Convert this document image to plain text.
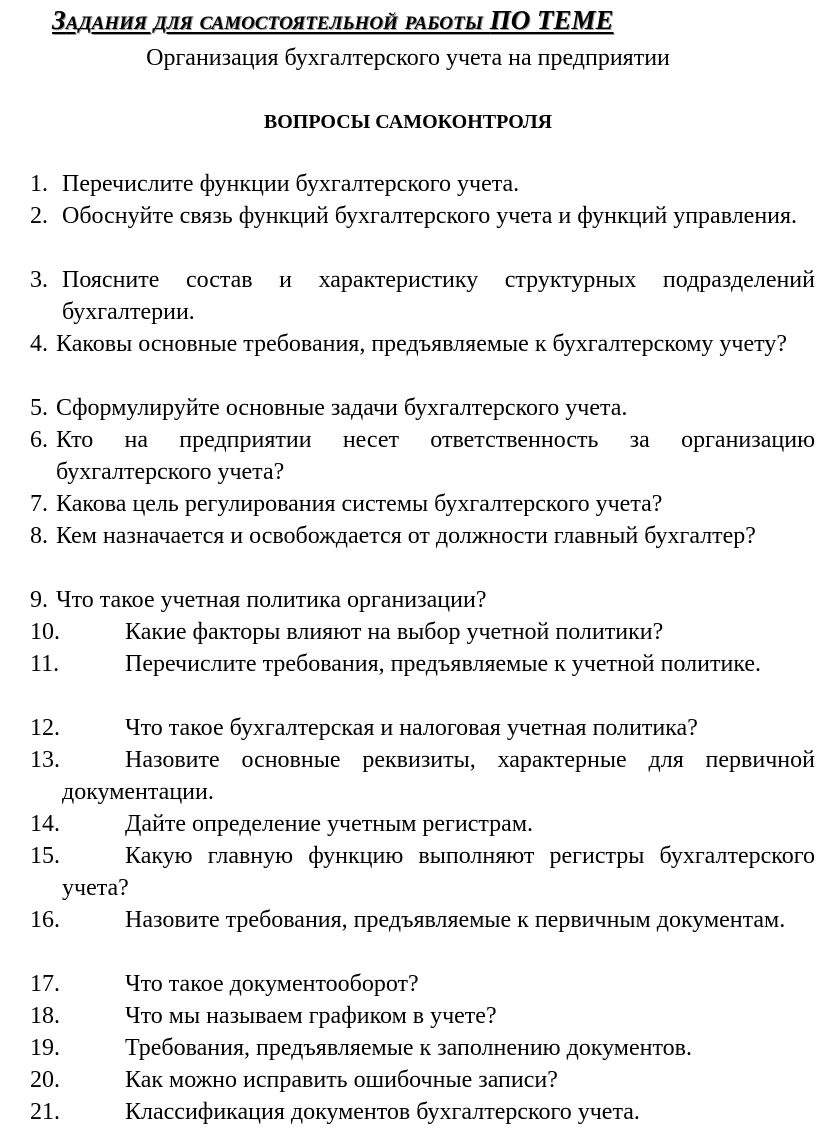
Задания для самостоятельной работы ПО ТЕМЕ
Организация бухгалтерского учета на предприятии
ВОПРОСЫ САМОКОНТРОЛЯ
1. Перечислите функции бухгалтерского учета.
2. Обоснуйте связь функций бухгалтерского учета и функций управления.
3. Поясните состав и характеристику структурных подразделений бухгалтерии.
4. Каковы основные требования, предъявляемые к бухгалтерскому учету?
5. Сформулируйте основные задачи бухгалтерского учета.
6. Кто на предприятии несет ответственность за организацию бухгалтерского учета?
7. Какова цель регулирования системы бухгалтерского учета?
8. Кем назначается и освобождается от должности главный бухгалтер?
9. Что такое учетная политика организации?
10.	Какие факторы влияют на выбор учетной политики?
11.	Перечислите требования, предъявляемые к учетной политике.
12.	Что такое бухгалтерская и налоговая учетная политика?
13.	Назовите основные реквизиты, характерные для первичной документации.
14.	Дайте определение учетным регистрам.
15.	Какую главную функцию выполняют регистры бухгалтерского учета?
16.	Назовите требования, предъявляемые к первичным документам.
17.	Что такое документооборот?
18.	Что мы называем графиком в учете?
19.	Требования, предъявляемые к заполнению документов.
20.	Как можно исправить ошибочные записи?
21.	Классификация документов бухгалтерского учета.
